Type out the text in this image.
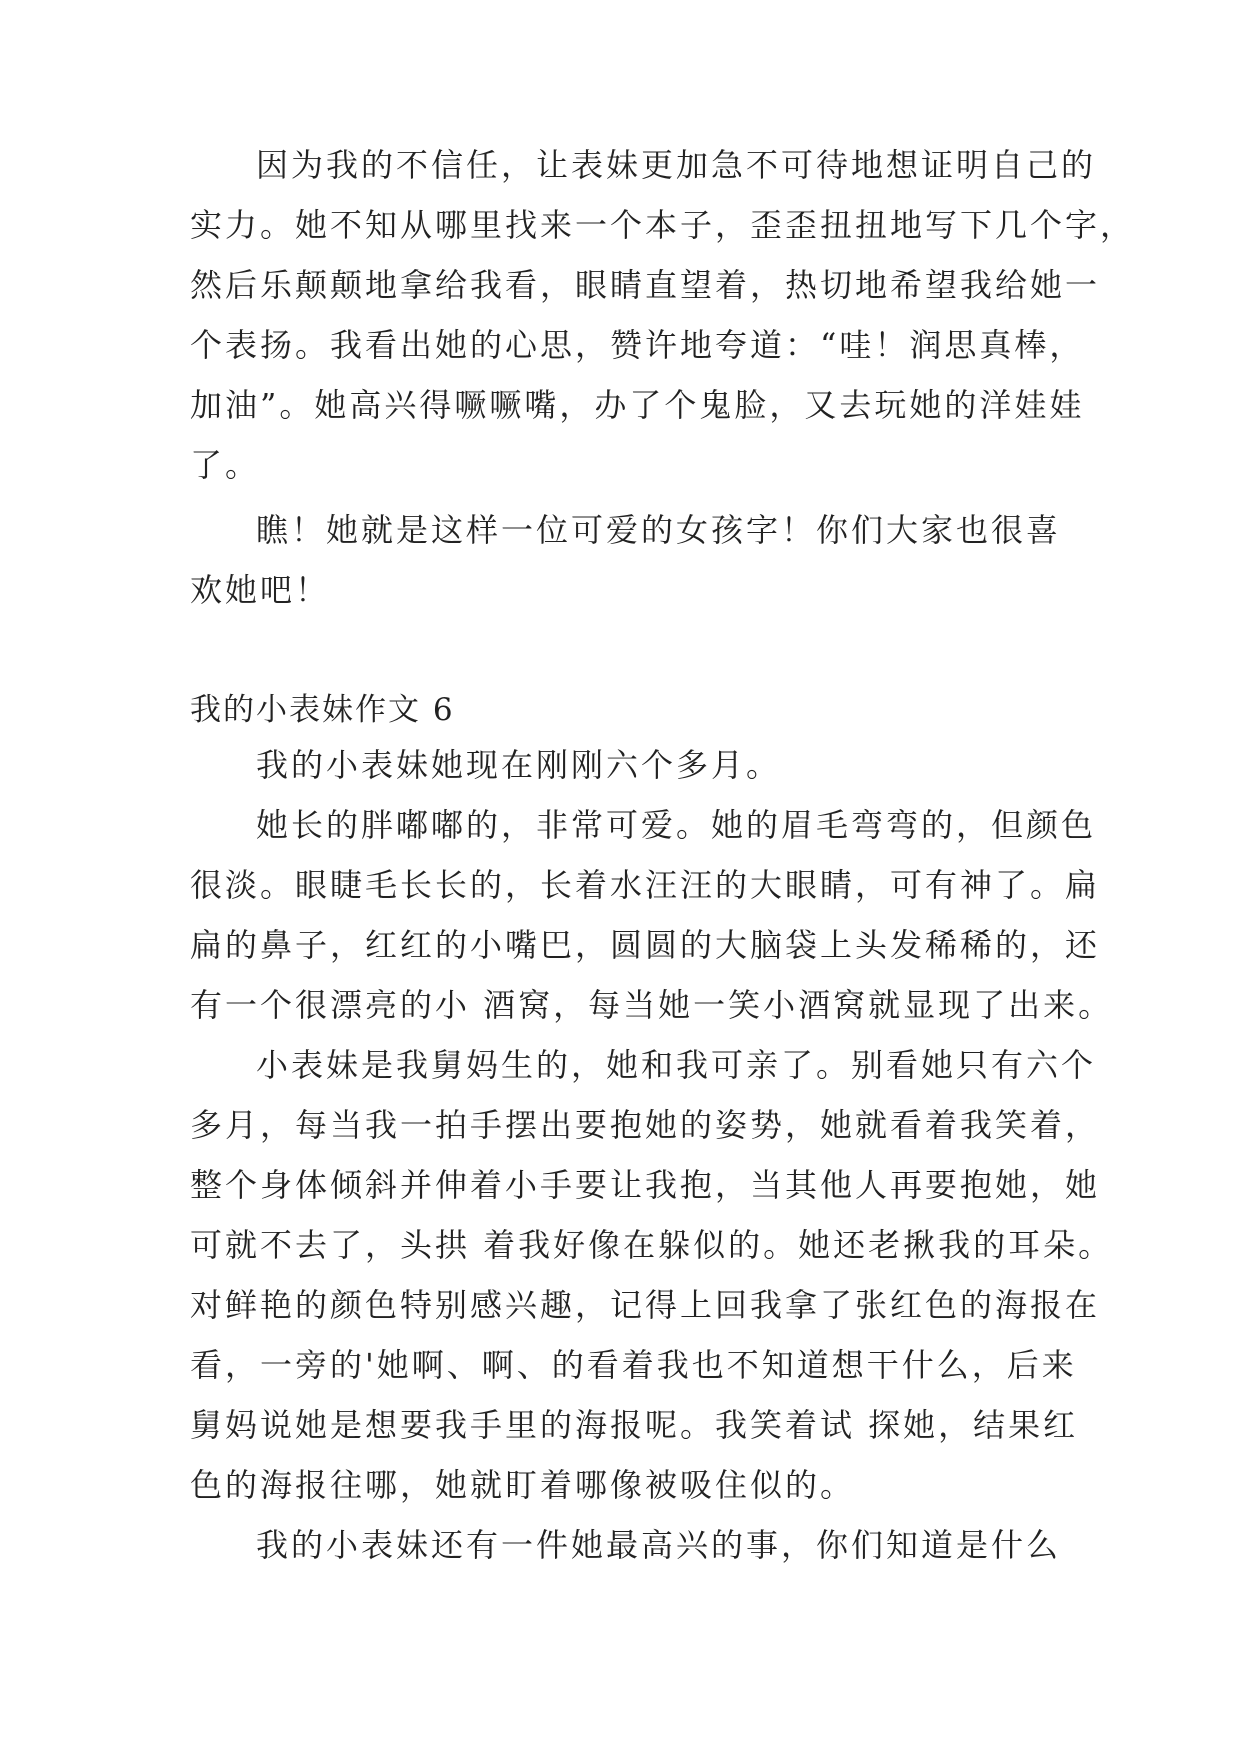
因为我的不信任，让表妹更加急不可待地想证明自己的
实力。她不知从哪里找来一个本子，歪歪扭扭地写下几个字，
然后乐颠颠地拿给我看，眼睛直望着，热切地希望我给她一
个表扬。我看出她的心思，赞许地夸道：“哇！润思真棒，
加油”。她高兴得噘噘嘴，办了个鬼脸，又去玩她的洋娃娃
了。
瞧！她就是这样一位可爱的女孩字！你们大家也很喜
欢她吧！
我的小表妹作文 6
我的小表妹她现在刚刚六个多月。
她长的胖嘟嘟的，非常可爱。她的眉毛弯弯的，但颜色
很淡。眼睫毛长长的，长着水汪汪的大眼睛，可有神了。扁
扁的鼻子，红红的小嘴巴，圆圆的大脑袋上头发稀稀的，还
有一个很漂亮的小 酒窝，每当她一笑小酒窝就显现了出来。
小表妹是我舅妈生的，她和我可亲了。别看她只有六个
多月，每当我一拍手摆出要抱她的姿势，她就看着我笑着，
整个身体倾斜并伸着小手要让我抱，当其他人再要抱她，她
可就不去了，头拱 着我好像在躲似的。她还老揪我的耳朵。
对鲜艳的颜色特别感兴趣，记得上回我拿了张红色的海报在
看，一旁的'她啊、啊、的看着我也不知道想干什么，后来
舅妈说她是想要我手里的海报呢。我笑着试 探她，结果红
色的海报往哪，她就盯着哪像被吸住似的。
我的小表妹还有一件她最高兴的事，你们知道是什么
